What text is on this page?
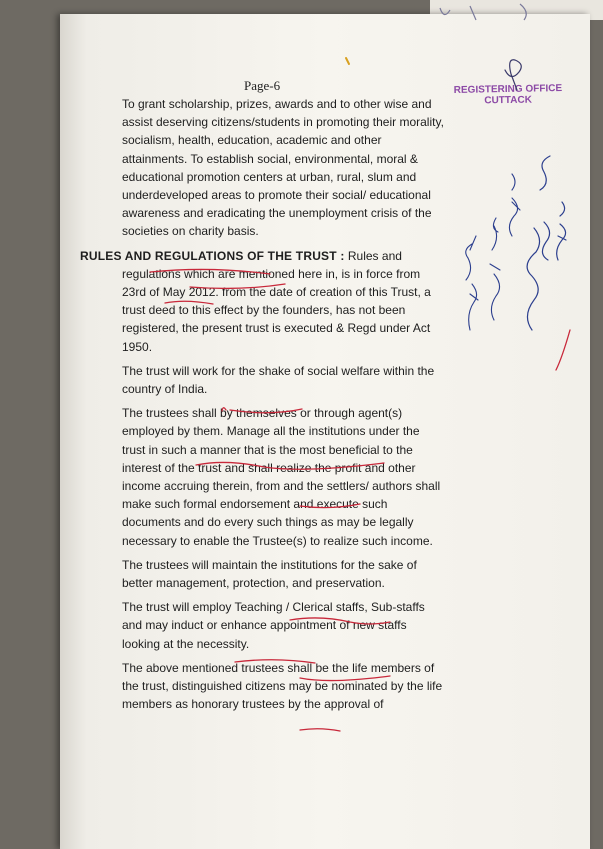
Page-6	REGISTERING OFFICE
CUTTACK

To grant scholarship, prizes, awards and to other wise and assist deserving citizens/students in promoting their morality, socialism, health, education, academic and other attainments. To establish social, environmental, moral & educational promotion centers at urban, rural, slum and underdeveloped areas to promote their social/ educational awareness and eradicating the unemployment crisis of the societies on charity basis.

RULES AND REGULATIONS OF THE TRUST : Rules and
regulations which are mentioned here in, is in force from 23rd of May 2012. from the date of creation of this Trust, a trust deed to this effect by the founders, has not been registered, the present trust is executed & Regd under Act 1950.

The trust will work for the shake of social welfare within the country of India.

The trustees shall by themselves or through agent(s) employed by them. Manage all the institutions under the trust in such a manner that is the most beneficial to the interest of the trust and shall realize the profit and other income accruing therein, from and the settlers/ authors shall make such formal endorsement and execute such documents and do every such things as may be legally necessary to enable the Trustee(s) to realize such income.

The trustees will maintain the institutions for the sake of better management, protection, and preservation.

The trust will employ Teaching / Clerical staffs, Sub-staffs and may induct or enhance appointment of new staffs looking at the necessity.

The above mentioned trustees shall be the life members of the trust, distinguished citizens may be nominated by the life members as honorary trustees by the approval of
